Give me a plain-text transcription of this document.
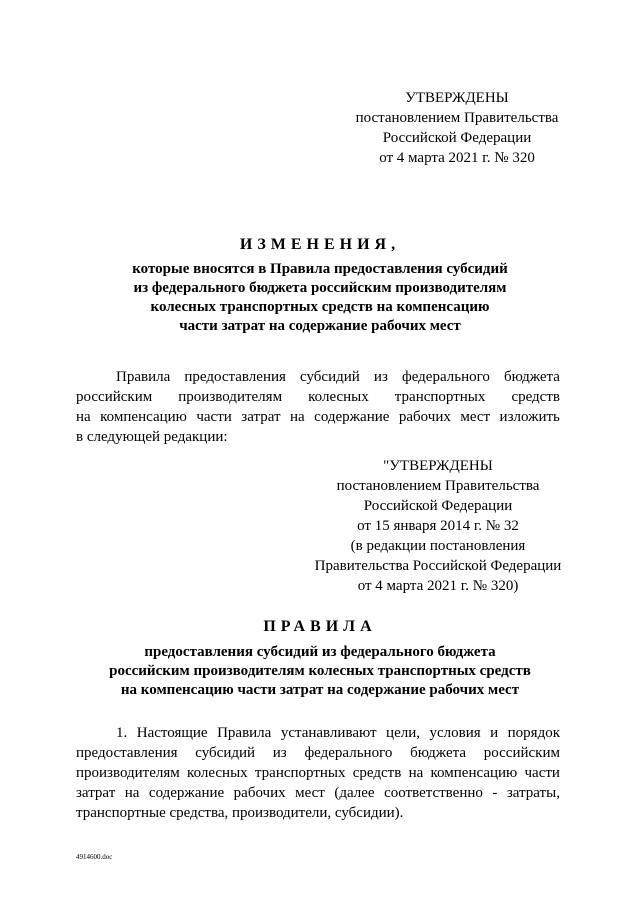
УТВЕРЖДЕНЫ
постановлением Правительства
Российской Федерации
от 4 марта 2021 г. № 320
ИЗМЕНЕНИЯ,
которые вносятся в Правила предоставления субсидий
из федерального бюджета российским производителям
колесных транспортных средств на компенсацию
части затрат на содержание рабочих мест
Правила предоставления субсидий из федерального бюджета
российским производителям колесных транспортных средств
на компенсацию части затрат на содержание рабочих мест изложить
в следующей редакции:
"УТВЕРЖДЕНЫ
постановлением Правительства
Российской Федерации
от 15 января 2014 г. № 32
(в редакции постановления
Правительства Российской Федерации
от 4 марта 2021 г. № 320)
ПРАВИЛА
предоставления субсидий из федерального бюджета
российским производителям колесных транспортных средств
на компенсацию части затрат на содержание рабочих мест
1. Настоящие Правила устанавливают цели, условия и порядок
предоставления субсидий из федерального бюджета российским
производителям колесных транспортных средств на компенсацию части
затрат на содержание рабочих мест (далее соответственно - затраты,
транспортные средства, производители, субсидии).
4914600.doc
